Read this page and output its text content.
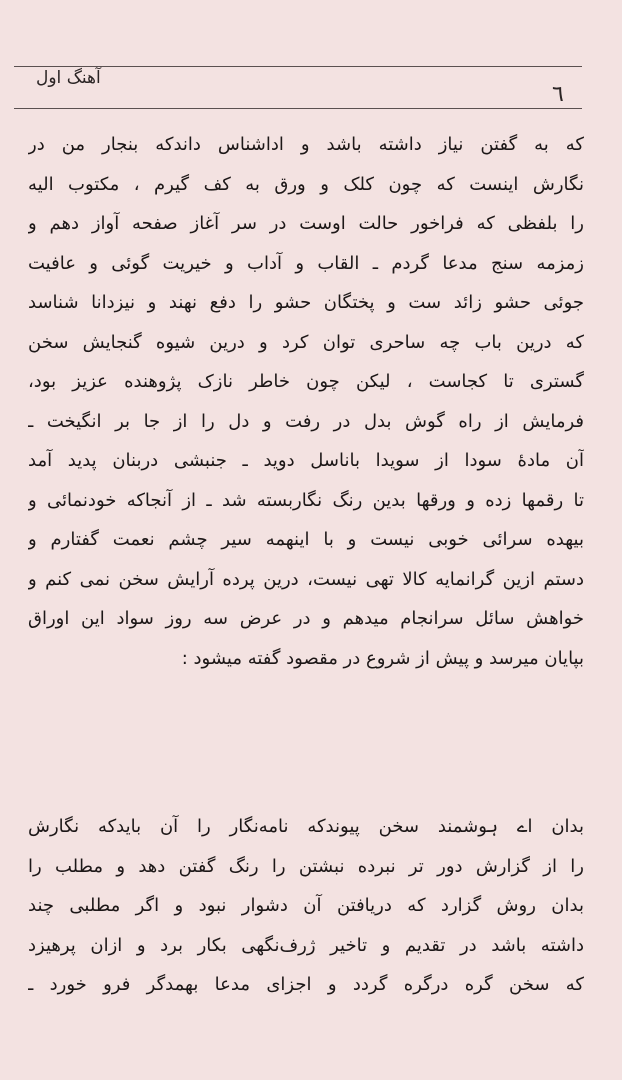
آهنگ اول
٦
که به گفتن نیاز داشته باشد و اداشناس داندکه بنجار من در
نگارش اینست که چون کلک و ورق به کف گیرم ، مکتوب الیه
را بلفظی که فراخور حالت اوست در سر آغاز صفحه آواز دهم و
زمزمه سنج مدعا گردم ـ القاب و آداب و خیریت گوئی و عافیت
جوئی حشو زائد ست و پختگان حشو را دفع نهند و نیزدانا شناسد
که درین باب چه ساحری توان کرد و درین شیوه گنجایش سخن
گستری تا کجاست ، لیکن چون خاطر نازک پژوهنده عزیز بود،
فرمایش از راه گوش بدل در رفت و دل را از جا بر انگیخت ـ
آن مادهٔ سودا از سویدا باناسل دوید ـ جنبشی دربنان پدید آمد
تا رقمها زده و ورقها بدین رنگ نگاربسته شد ـ از آنجاکه خودنمائی و
بیهده سرائی خوبی نیست و با اینهمه سیر چشم نعمت گفتارم و
دستم ازین گرانمایه کالا تهی نیست، درین پرده آرایش سخن نمی کنم و
خواهش سائل سرانجام میدهم و در عرض سه روز سواد این اوراق
بپایان میرسد و پیش از شروع در مقصود گفته میشود :
بدان اے ہوشمند سخن پیوندکه نامه‌نگار را آن بایدکه نگارش
را از گزارش دور تر نبرده نبشتن را رنگ گفتن دهد و مطلب را
بدان روش گزارد که دریافتن آن دشوار نبود و اگر مطلبی چند
داشته باشد در تقدیم و تاخیر ژرف‌نگهی بکار برد و ازان پرهیزد
که سخن گره درگره گردد و اجزای مدعا بهمدگر فرو خورد ـ
